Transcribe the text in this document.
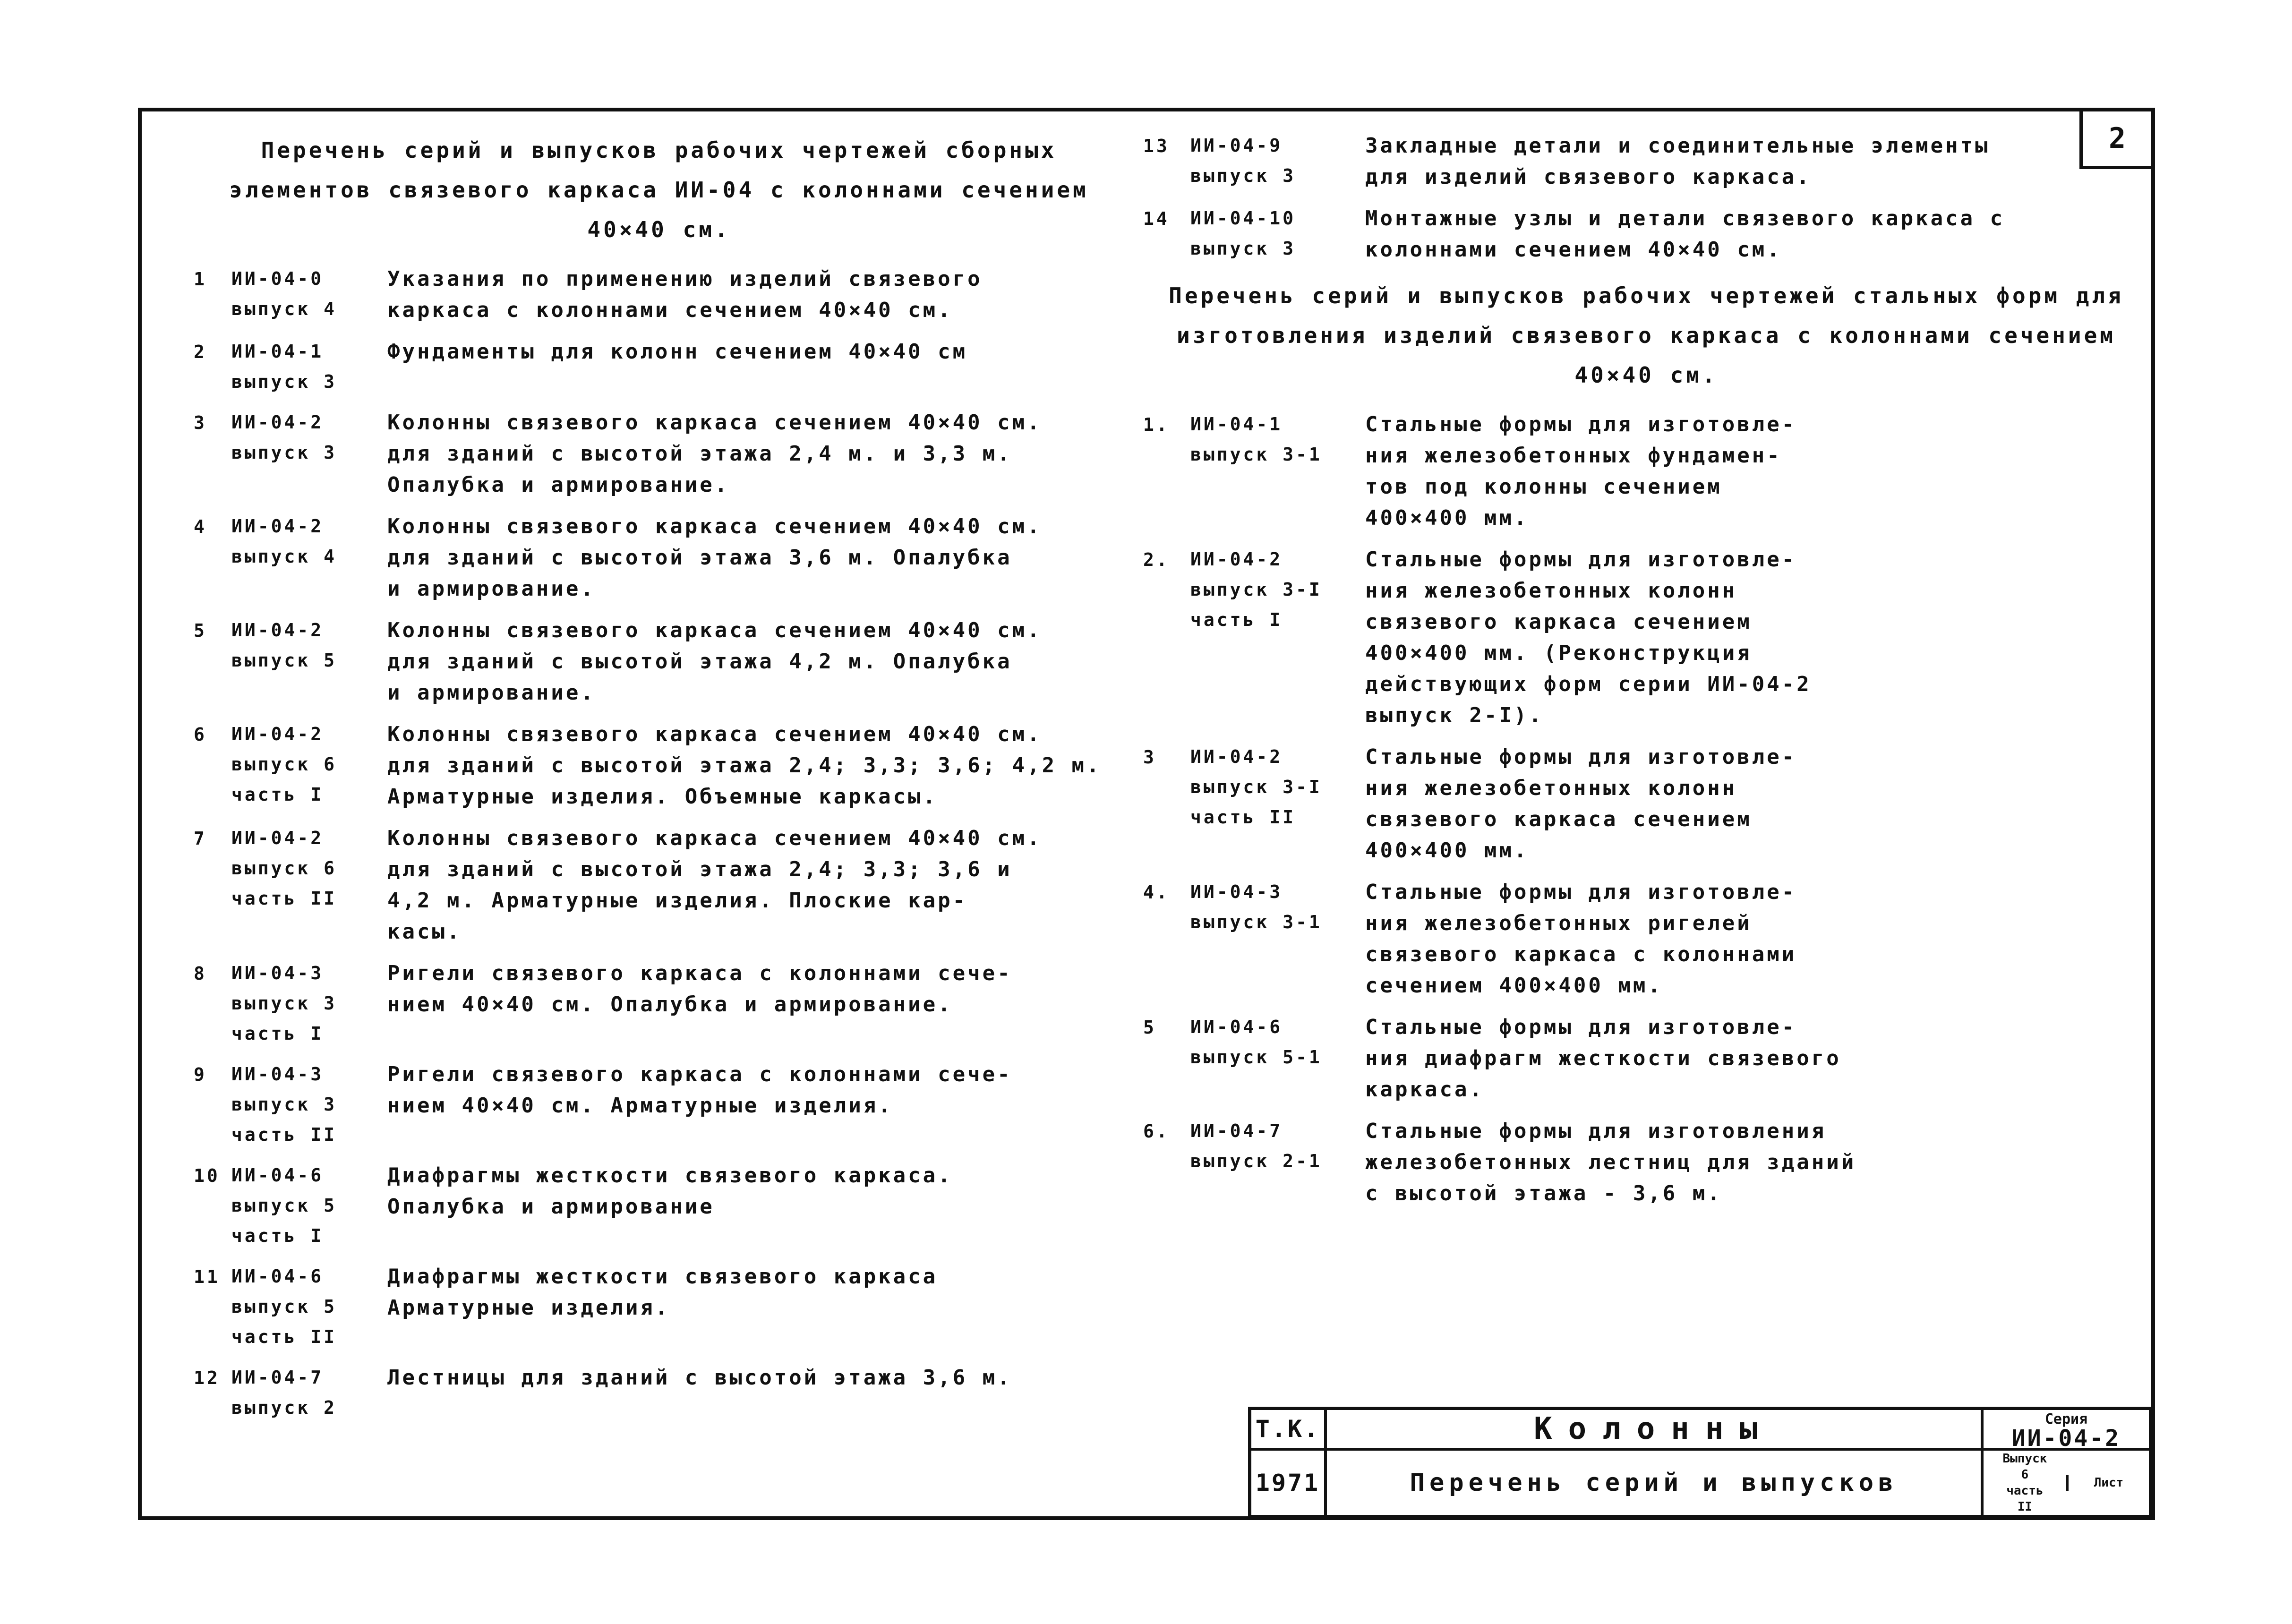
2
Перечень серий и выпусков рабочих чертежей сборных
элементов связевого каркаса ИИ-04 с колоннами сечением 40×40 см.
1	ИИ-04-0
выпуск 4
Указания по применению изделий связевого
каркаса с колоннами сечением 40×40 см.
2	ИИ-04-1
выпуск 3
Фундаменты для колонн сечением 40×40 см
3	ИИ-04-2
выпуск 3
Колонны связевого каркаса сечением 40×40 см.
для зданий с высотой этажа 2,4 м. и 3,3 м.
Опалубка и армирование.
4	ИИ-04-2
выпуск 4
Колонны связевого каркаса сечением 40×40 см.
для зданий с высотой этажа 3,6 м. Опалубка
и армирование.
5	ИИ-04-2
выпуск 5
Колонны связевого каркаса сечением 40×40 см.
для зданий с высотой этажа 4,2 м. Опалубка
и армирование.
6	ИИ-04-2
выпуск 6
часть I
Колонны связевого каркаса сечением 40×40 см.
для зданий с высотой этажа 2,4; 3,3; 3,6; 4,2 м.
Арматурные изделия. Объемные каркасы.
7	ИИ-04-2
выпуск 6
часть II
Колонны связевого каркаса сечением 40×40 см.
для зданий с высотой этажа 2,4; 3,3; 3,6 и
4,2 м. Арматурные изделия. Плоские кар-
касы.
8	ИИ-04-3
выпуск 3
часть I
Ригели связевого каркаса с колоннами сече-
нием 40×40 см. Опалубка и армирование.
9	ИИ-04-3
выпуск 3
часть II
Ригели связевого каркаса с колоннами сече-
нием 40×40 см. Арматурные изделия.
10 ИИ-04-6
выпуск 5
часть I
Диафрагмы жесткости связевого каркаса.
Опалубка и армирование
11 ИИ-04-6
выпуск 5
часть II
Диафрагмы жесткости связевого каркаса
Арматурные изделия.
12 ИИ-04-7
выпуск 2
Лестницы для зданий с высотой этажа 3,6 м.
13	ИИ-04-9
выпуск 3
Закладные детали и соединительные элементы
для изделий связевого каркаса.
14	ИИ-04-10
выпуск 3
Монтажные узлы и детали связевого каркаса с
колоннами сечением 40×40 см.
Перечень серий и выпусков рабочих чертежей стальных форм для
изготовления изделий связевого каркаса с колоннами сечением 40×40 см.
1.	ИИ-04-1
выпуск 3-1
Стальные формы для изготовле-
ния железобетонных фундамен-
тов под колонны сечением
400×400 мм.
2.	ИИ-04-2
выпуск 3-I
часть I
Стальные формы для изготовле-
ния железобетонных колонн
связевого каркаса сечением
400×400 мм. (Реконструкция
действующих форм серии ИИ-04-2
выпуск 2-I).
3	ИИ-04-2
выпуск 3-I
часть II
Стальные формы для изготовле-
ния железобетонных колонн
связевого каркаса сечением
400×400 мм.
4.	ИИ-04-3
выпуск 3-1
Стальные формы для изготовле-
ния железобетонных ригелей
связевого каркаса с колоннами
сечением 400×400 мм.
5	ИИ-04-6
выпуск 5-1
Стальные формы для изготовле-
ния диафрагм жесткости связевого
каркаса.
6.	ИИ-04-7
выпуск 2-1
Стальные формы для изготовления
железобетонных лестниц для зданий
с высотой этажа - 3,6 м.
Т.К.	Колонны	Серия
ИИ-04-2
1971	Перечень серий и выпусков
Выпуск
6
часть
II
Лист
